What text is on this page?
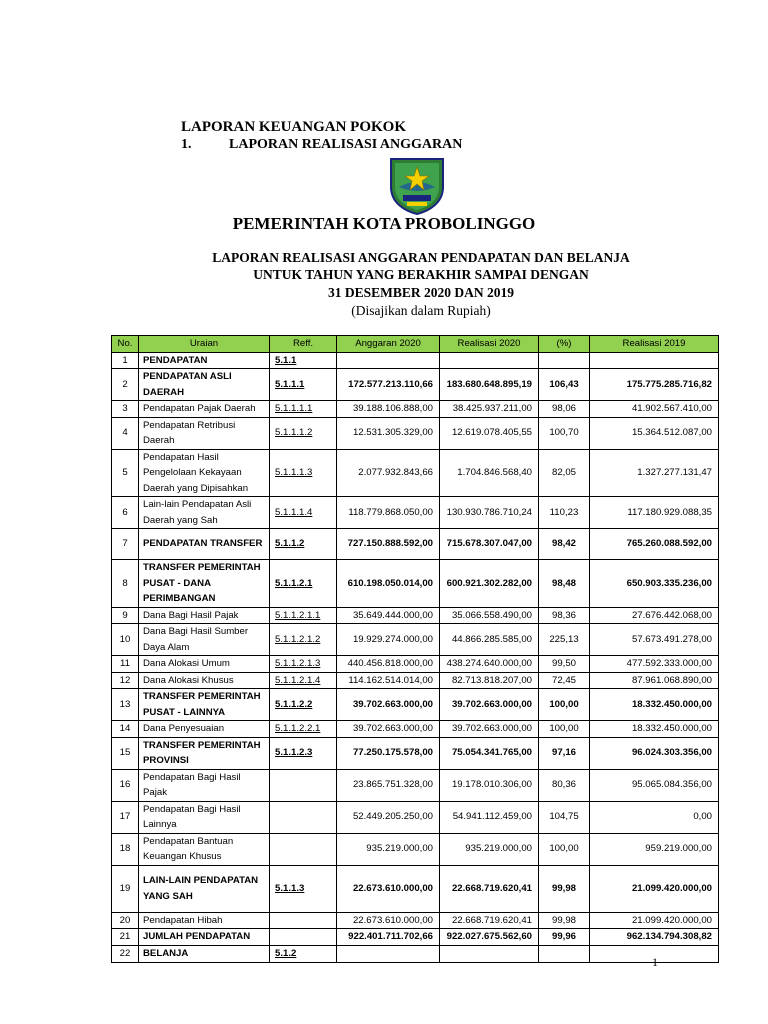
LAPORAN KEUANGAN POKOK
1.	LAPORAN REALISASI ANGGARAN
PEMERINTAH KOTA PROBOLINGGO
LAPORAN REALISASI ANGGARAN PENDAPATAN DAN BELANJA
UNTUK TAHUN YANG BERAKHIR SAMPAI DENGAN
31 DESEMBER 2020 DAN 2019
(Disajikan dalam Rupiah)
No.	Uraian	Reff.	Anggaran 2020	Realisasi 2020	(%)	Realisasi 2019
1	PENDAPATAN	5.1.1				
2	PENDAPATAN ASLI DAERAH	5.1.1.1	172.577.213.110,66	183.680.648.895,19	106,43	175.775.285.716,82
3	Pendapatan Pajak Daerah	5.1.1.1.1	39.188.106.888,00	38.425.937.211,00	98,06	41.902.567.410,00
4	Pendapatan Retribusi Daerah	5.1.1.1.2	12.531.305.329,00	12.619.078.405,55	100,70	15.364.512.087,00
5	Pendapatan Hasil Pengelolaan Kekayaan Daerah yang Dipisahkan	5.1.1.1.3	2.077.932.843,66	1.704.846.568,40	82,05	1.327.277.131,47
6	Lain-lain Pendapatan Asli Daerah yang Sah	5.1.1.1.4	118.779.868.050,00	130.930.786.710,24	110,23	117.180.929.088,35
7	PENDAPATAN TRANSFER	5.1.1.2	727.150.888.592,00	715.678.307.047,00	98,42	765.260.088.592,00
8	TRANSFER PEMERINTAH PUSAT - DANA PERIMBANGAN	5.1.1.2.1	610.198.050.014,00	600.921.302.282,00	98,48	650.903.335.236,00
9	Dana Bagi Hasil Pajak	5.1.1.2.1.1	35.649.444.000,00	35.066.558.490,00	98,36	27.676.442.068,00
10	Dana Bagi Hasil Sumber Daya Alam	5.1.1.2.1.2	19.929.274.000,00	44.866.285.585,00	225,13	57.673.491.278,00
11	Dana Alokasi Umum	5.1.1.2.1.3	440.456.818.000,00	438.274.640.000,00	99,50	477.592.333.000,00
12	Dana Alokasi Khusus	5.1.1.2.1.4	114.162.514.014,00	82.713.818.207,00	72,45	87.961.068.890,00
13	TRANSFER PEMERINTAH PUSAT - LAINNYA	5.1.1.2.2	39.702.663.000,00	39.702.663.000,00	100,00	18.332.450.000,00
14	Dana Penyesuaian	5.1.1.2.2.1	39.702.663.000,00	39.702.663.000,00	100,00	18.332.450.000,00
15	TRANSFER PEMERINTAH PROVINSI	5.1.1.2.3	77.250.175.578,00	75.054.341.765,00	97,16	96.024.303.356,00
16	Pendapatan Bagi Hasil Pajak		23.865.751.328,00	19.178.010.306,00	80,36	95.065.084.356,00
17	Pendapatan Bagi Hasil Lainnya		52.449.205.250,00	54.941.112.459,00	104,75	0,00
18	Pendapatan Bantuan Keuangan Khusus		935.219.000,00	935.219.000,00	100,00	959.219.000,00
19	LAIN-LAIN PENDAPATAN YANG SAH	5.1.1.3	22.673.610.000,00	22.668.719.620,41	99,98	21.099.420.000,00
20	Pendapatan Hibah		22.673.610.000,00	22.668.719.620,41	99,98	21.099.420.000,00
21	JUMLAH PENDAPATAN		922.401.711.702,66	922.027.675.562,60	99,96	962.134.794.308,82
22	BELANJA	5.1.2				
1
